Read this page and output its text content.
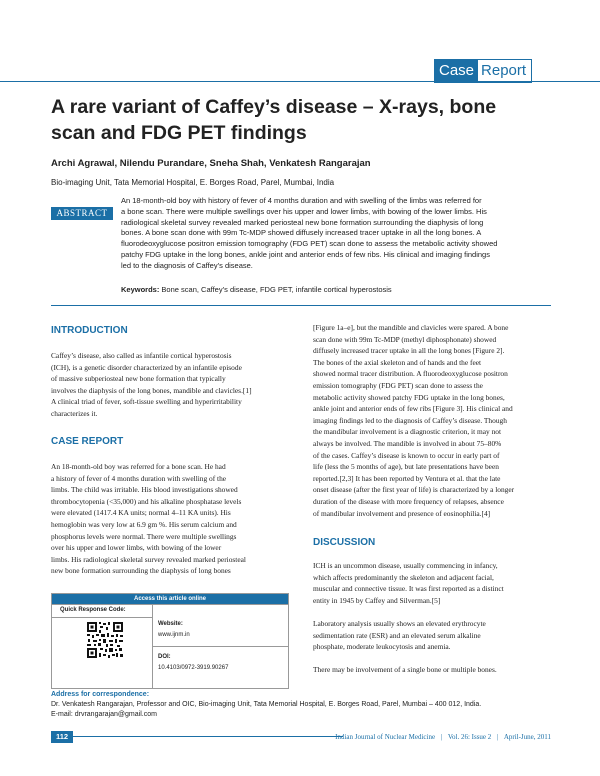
Case Report
A rare variant of Caffey’s disease – X-rays, bone
scan and FDG PET findings
Archi Agrawal, Nilendu Purandare, Sneha Shah, Venkatesh Rangarajan
Bio-imaging Unit, Tata Memorial Hospital, E. Borges Road, Parel, Mumbai, India
ABSTRACT
An 18-month-old boy with history of fever of 4 months duration and with swelling of the limbs was referred for
a bone scan. There were multiple swellings over his upper and lower limbs, with bowing of the lower limbs. His
radiological skeletal survey revealed marked periosteal new bone formation surrounding the diaphysis of long
bones. A bone scan done with 99m Tc-MDP showed diffusely increased tracer uptake in all the long bones. A
fluorodeoxyglucose positron emission tomography (FDG PET) scan done to assess the metabolic activity showed
patchy FDG uptake in the long bones, ankle joint and anterior ends of few ribs. His clinical and imaging findings
led to the diagnosis of Caffey’s disease.
Keywords: Bone scan, Caffey’s disease, FDG PET, infantile cortical hyperostosis
INTRODUCTION
Caffey’s disease, also called as infantile cortical hyperostosis
(ICH), is a genetic disorder characterized by an infantile episode
of massive subperiosteal new bone formation that typically
involves the diaphysis of the long bones, mandible and clavicles.[1]
A clinical triad of fever, soft-tissue swelling and hyperirritability
characterizes it.
CASE REPORT
An 18-month-old boy was referred for a bone scan. He had
a history of fever of 4 months duration with swelling of the
limbs. The child was irritable. His blood investigations showed
thrombocytopenia (<35,000) and his alkaline phosphatase levels
were elevated (1417.4 KA units; normal 4–11 KA units). His
hemoglobin was very low at 6.9 gm %. His serum calcium and
phosphorus levels were normal. There were multiple swellings
over his upper and lower limbs, with bowing of the lower
limbs. His radiological skeletal survey revealed marked periosteal
new bone formation surrounding the diaphysis of long bones
Access this article online
Quick Response Code:
Website:
www.ijnm.in
DOI:
10.4103/0972-3919.90267
[Figure 1a–e], but the mandible and clavicles were spared. A bone
scan done with 99m Tc-MDP (methyl diphosphonate) showed
diffusely increased tracer uptake in all the long bones [Figure 2].
The bones of the axial skeleton and of hands and the feet
showed normal tracer distribution. A fluorodeoxyglucose positron
emission tomography (FDG PET) scan done to assess the
metabolic activity showed patchy FDG uptake in the long bones,
ankle joint and anterior ends of few ribs [Figure 3]. His clinical and
imaging findings led to the diagnosis of Caffey’s disease. Though
the mandibular involvement is a diagnostic criterion, it may not
always be involved. The mandible is involved in about 75–80%
of the cases. Caffey’s disease is known to occur in early part of
life (less the 5 months of age), but late presentations have been
reported.[2,3] It has been reported by Ventura et al. that the late
onset disease (after the first year of life) is characterized by a longer
duration of the disease with more frequency of relapses, absence
of mandibular involvement and presence of eosinophilia.[4]
DISCUSSION
ICH is an uncommon disease, usually commencing in infancy,
which affects predominantly the skeleton and adjacent facial,
muscular and connective tissue. It was first reported as a distinct
entity in 1945 by Caffey and Silverman.[5]
Laboratory analysis usually shows an elevated erythrocyte
sedimentation rate (ESR) and an elevated serum alkaline
phosphate, moderate leukocytosis and anemia.
There may be involvement of a single bone or multiple bones.
Address for correspondence:
Dr. Venkatesh Rangarajan, Professor and OIC, Bio-imaging Unit, Tata Memorial Hospital, E. Borges Road, Parel, Mumbai – 400 012, India.
E-mail: drvrangarajan@gmail.com
112	Indian Journal of Nuclear Medicine | Vol. 26: Issue 2 | April-June, 2011
